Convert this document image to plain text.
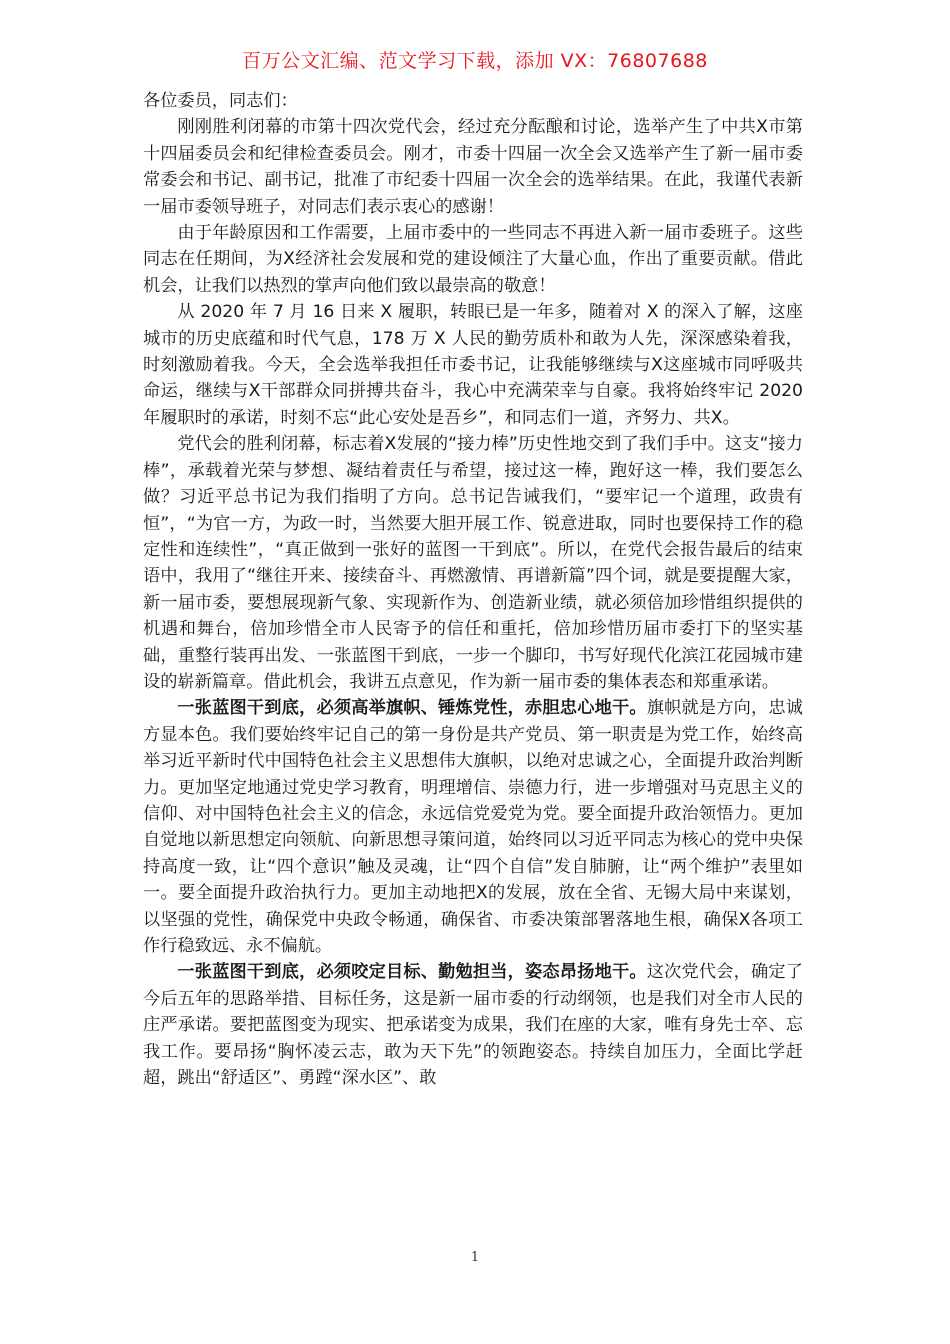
百万公文汇编、范文学习下载，添加 VX：76807688

各位委员，同志们：

刚刚胜利闭幕的市第十四次党代会，经过充分酝酿和讨论，选举产生了中共X市第十四届委员会和纪律检查委员会。刚才，市委十四届一次全会又选举产生了新一届市委常委会和书记、副书记，批准了市纪委十四届一次全会的选举结果。在此，我谨代表新一届市委领导班子，对同志们表示衷心的感谢！

由于年龄原因和工作需要，上届市委中的一些同志不再进入新一届市委班子。这些同志在任期间，为X经济社会发展和党的建设倾注了大量心血，作出了重要贡献。借此机会，让我们以热烈的掌声向他们致以最崇高的敬意！

从 2020 年 7 月 16 日来 X 履职，转眼已是一年多，随着对 X 的深入了解，这座城市的历史底蕴和时代气息，178 万 X 人民的勤劳质朴和敢为人先，深深感染着我，时刻激励着我。今天，全会选举我担任市委书记，让我能够继续与X这座城市同呼吸共命运，继续与X干部群众同拼搏共奋斗，我心中充满荣幸与自豪。我将始终牢记 2020 年履职时的承诺，时刻不忘“此心安处是吾乡”，和同志们一道，齐努力、共X。

党代会的胜利闭幕，标志着X发展的“接力棒”历史性地交到了我们手中。这支“接力棒”，承载着光荣与梦想、凝结着责任与希望，接过这一棒，跑好这一棒，我们要怎么做？习近平总书记为我们指明了方向。总书记告诫我们，“要牢记一个道理，政贵有恒”，“为官一方，为政一时，当然要大胆开展工作、锐意进取，同时也要保持工作的稳定性和连续性”，“真正做到一张好的蓝图一干到底”。所以，在党代会报告最后的结束语中，我用了“继往开来、接续奋斗、再燃激情、再谱新篇”四个词，就是要提醒大家，新一届市委，要想展现新气象、实现新作为、创造新业绩，就必须倍加珍惜组织提供的机遇和舞台，倍加珍惜全市人民寄予的信任和重托，倍加珍惜历届市委打下的坚实基础，重整行装再出发、一张蓝图干到底，一步一个脚印，书写好现代化滨江花园城市建设的崭新篇章。借此机会，我讲五点意见，作为新一届市委的集体表态和郑重承诺。

一张蓝图干到底，必须高举旗帜、锤炼党性，赤胆忠心地干。旗帜就是方向，忠诚方显本色。我们要始终牢记自己的第一身份是共产党员、第一职责是为党工作，始终高举习近平新时代中国特色社会主义思想伟大旗帜，以绝对忠诚之心，全面提升政治判断力。更加坚定地通过党史学习教育，明理增信、崇德力行，进一步增强对马克思主义的信仰、对中国特色社会主义的信念，永远信党爱党为党。要全面提升政治领悟力。更加自觉地以新思想定向领航、向新思想寻策问道，始终同以习近平同志为核心的党中央保持高度一致，让“四个意识”触及灵魂，让“四个自信”发自肺腑，让“两个维护”表里如一。要全面提升政治执行力。更加主动地把X的发展，放在全省、无锡大局中来谋划，以坚强的党性，确保党中央政令畅通，确保省、市委决策部署落地生根，确保X各项工作行稳致远、永不偏航。

一张蓝图干到底，必须咬定目标、勤勉担当，姿态昂扬地干。这次党代会，确定了今后五年的思路举措、目标任务，这是新一届市委的行动纲领，也是我们对全市人民的庄严承诺。要把蓝图变为现实、把承诺变为成果，我们在座的大家，唯有身先士卒、忘我工作。要昂扬“胸怀凌云志，敢为天下先”的领跑姿态。持续自加压力，全面比学赶超，跳出“舒适区”、勇蹚“深水区”、敢

1
